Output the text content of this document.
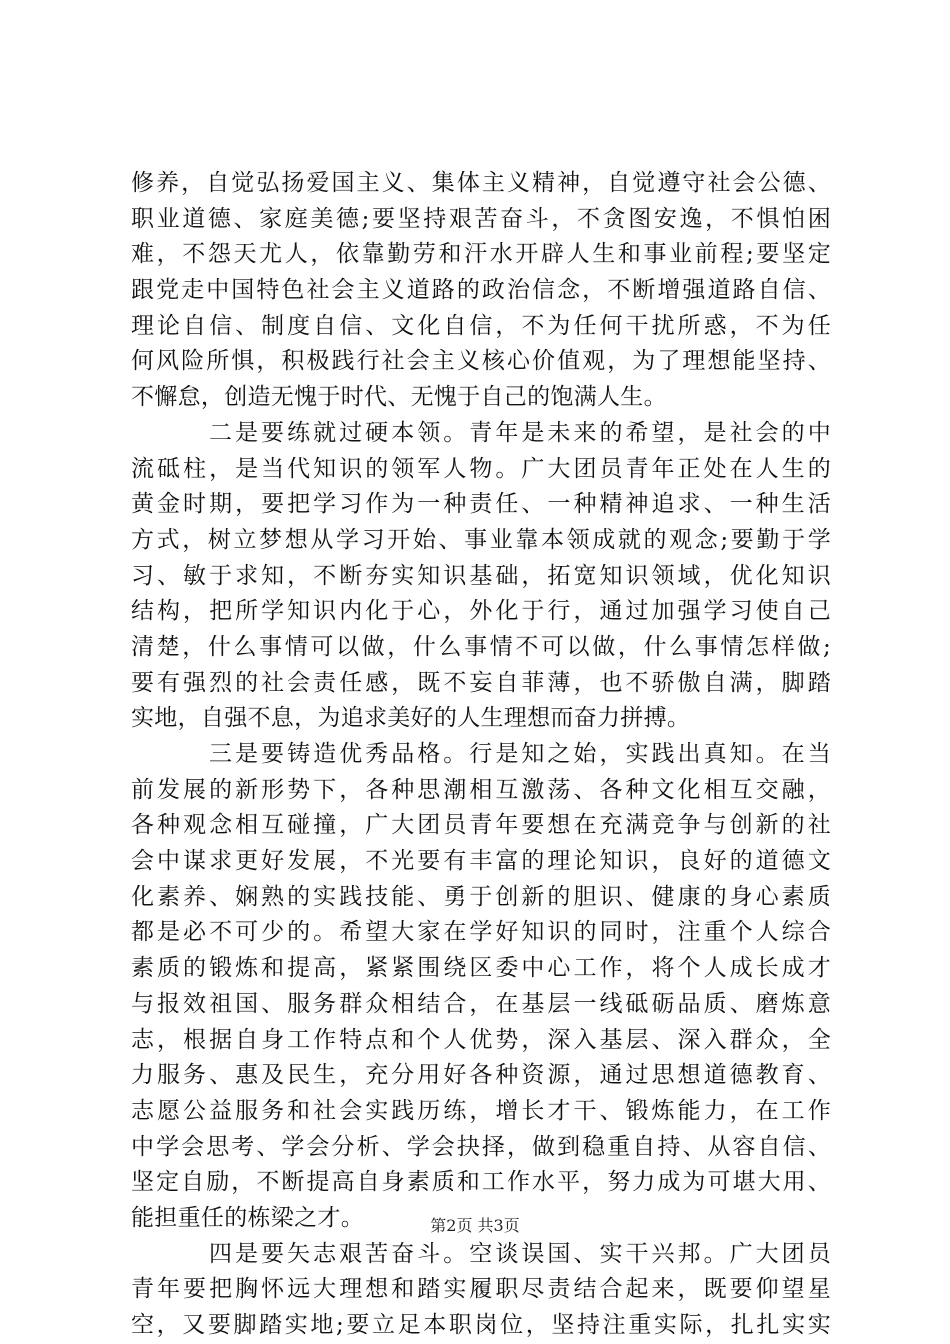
修养，自觉弘扬爱国主义、集体主义精神，自觉遵守社会公德、
职业道德、家庭美德;要坚持艰苦奋斗，不贪图安逸，不惧怕困
难，不怨天尤人，依靠勤劳和汗水开辟人生和事业前程;要坚定
跟党走中国特色社会主义道路的政治信念，不断增强道路自信、
理论自信、制度自信、文化自信，不为任何干扰所惑，不为任
何风险所惧，积极践行社会主义核心价值观，为了理想能坚持、
不懈怠，创造无愧于时代、无愧于自己的饱满人生。
二是要练就过硬本领。青年是未来的希望，是社会的中
流砥柱，是当代知识的领军人物。广大团员青年正处在人生的
黄金时期，要把学习作为一种责任、一种精神追求、一种生活
方式，树立梦想从学习开始、事业靠本领成就的观念;要勤于学
习、敏于求知，不断夯实知识基础，拓宽知识领域，优化知识
结构，把所学知识内化于心，外化于行，通过加强学习使自己
清楚，什么事情可以做，什么事情不可以做，什么事情怎样做;
要有强烈的社会责任感，既不妄自菲薄，也不骄傲自满，脚踏
实地，自强不息，为追求美好的人生理想而奋力拼搏。
三是要铸造优秀品格。行是知之始，实践出真知。在当
前发展的新形势下，各种思潮相互激荡、各种文化相互交融，
各种观念相互碰撞，广大团员青年要想在充满竞争与创新的社
会中谋求更好发展，不光要有丰富的理论知识，良好的道德文
化素养、娴熟的实践技能、勇于创新的胆识、健康的身心素质
都是必不可少的。希望大家在学好知识的同时，注重个人综合
素质的锻炼和提高，紧紧围绕区委中心工作，将个人成长成才
与报效祖国、服务群众相结合，在基层一线砥砺品质、磨炼意
志，根据自身工作特点和个人优势，深入基层、深入群众，全
力服务、惠及民生，充分用好各种资源，通过思想道德教育、
志愿公益服务和社会实践历练，增长才干、锻炼能力，在工作
中学会思考、学会分析、学会抉择，做到稳重自持、从容自信、
坚定自励，不断提高自身素质和工作水平，努力成为可堪大用、
能担重任的栋梁之才。
四是要矢志艰苦奋斗。空谈误国、实干兴邦。广大团员
青年要把胸怀远大理想和踏实履职尽责结合起来，既要仰望星
空，又要脚踏实地;要立足本职岗位，坚持注重实际，扎扎实实
第2页 共3页
